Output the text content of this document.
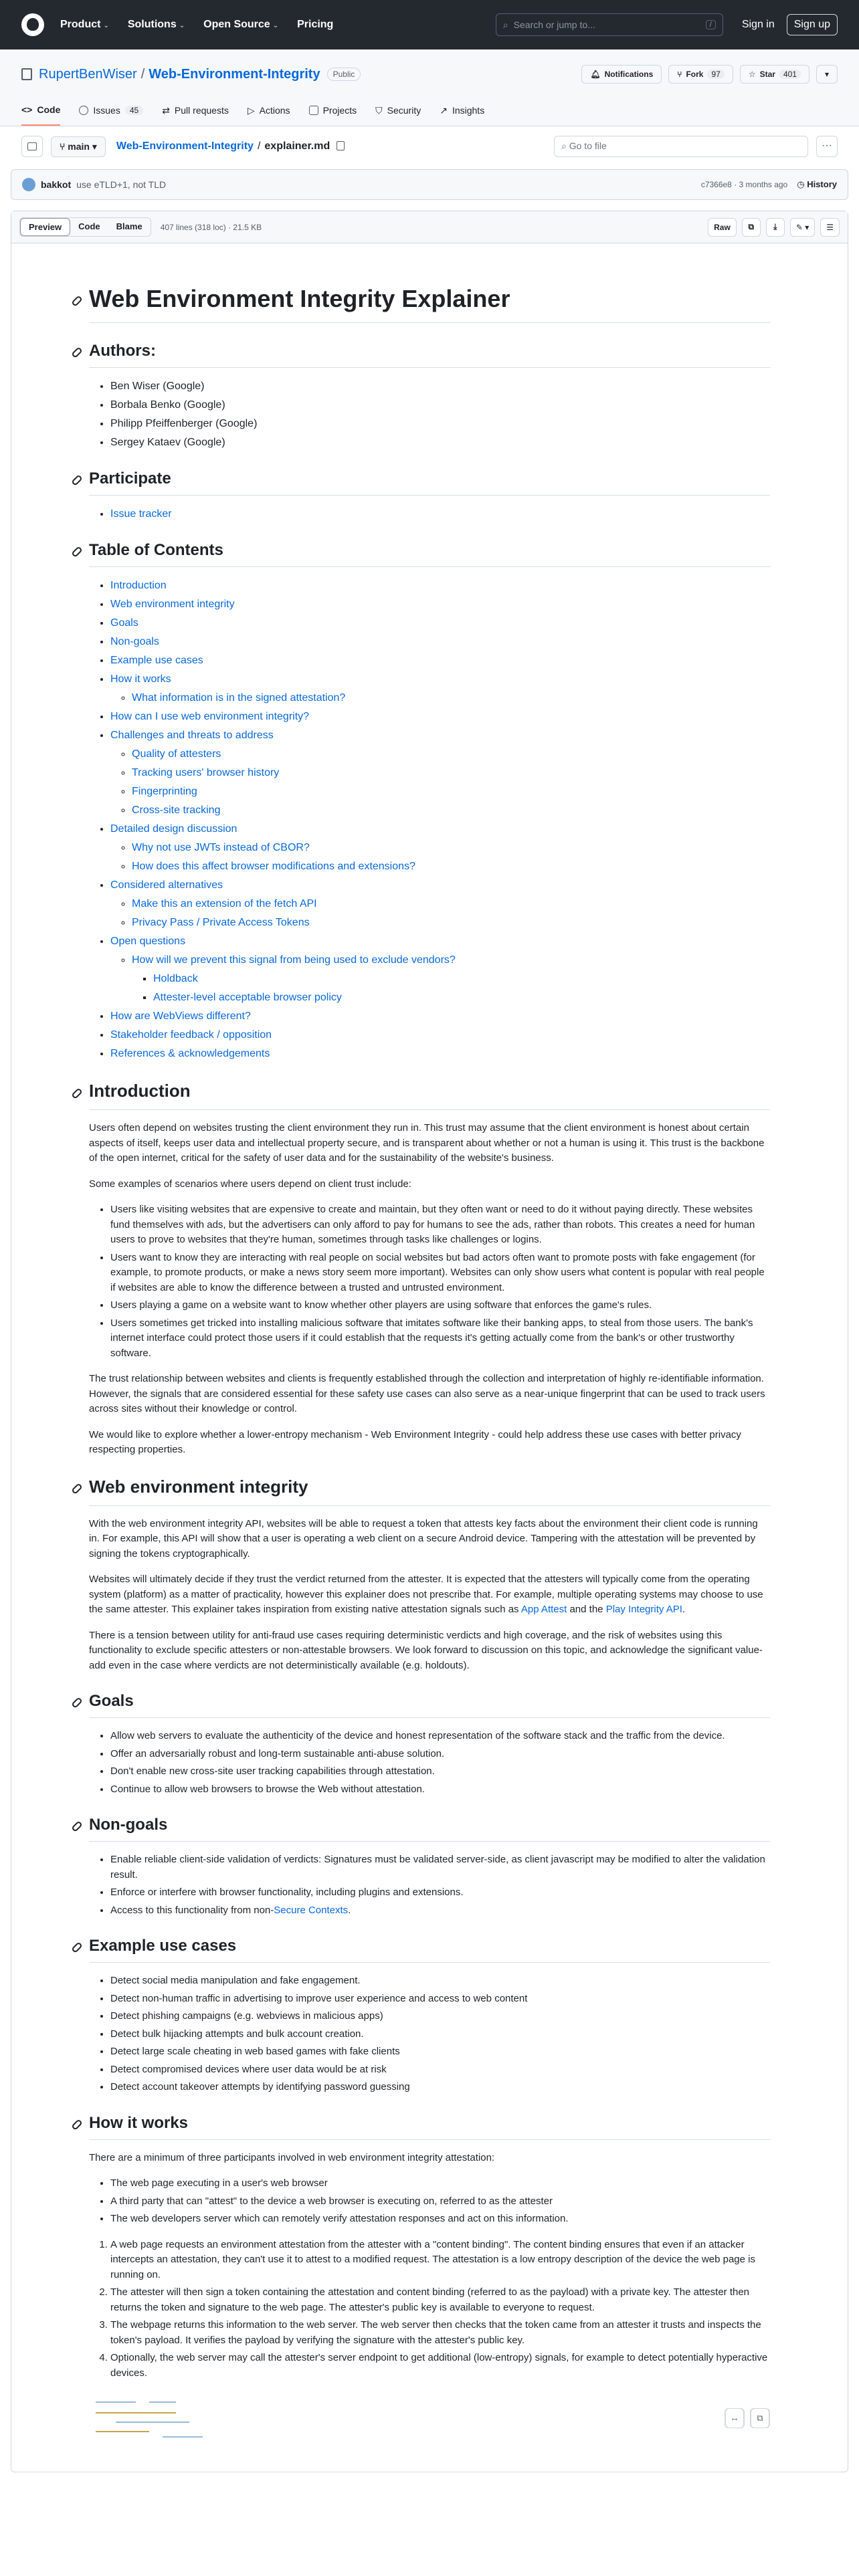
Product ⌄ Solutions ⌄ Open Source ⌄ Pricing	⌕ Search or jump to...	/	Sign in	Sign up
RupertBenWiser / Web-Environment-Integrity	Public	🔔︎ Notifications	⑂ Fork	97	☆ Star	401	▾
<> Code	Issues	45	⇄ Pull requests ▷ Actions	Projects ⛉ Security ↗ Insights
⑂ main ▾	Web-Environment-Integrity / explainer.md	⌕ Go to file	···
bakkot use eTLD+1, not TLD	c7366e8 · 3 months ago ◷ History
Preview	Code	Blame	407 lines (318 loc) · 21.5 KB	Raw	⧉ ⤓ ✎ ▾ ☰
Web Environment Integrity Explainer
Authors:
• Ben Wiser (Google)
• Borbala Benko (Google)
• Philipp Pfeiffenberger (Google)
• Sergey Kataev (Google)
Participate
• Issue tracker
Table of Contents
• Introduction
• Web environment integrity
• Goals
• Non-goals
• Example use cases
• How it works
◦ What information is in the signed attestation?
• How can I use web environment integrity?
• Challenges and threats to address
◦ Quality of attesters
◦ Tracking users' browser history
◦ Fingerprinting
◦ Cross-site tracking
• Detailed design discussion
◦ Why not use JWTs instead of CBOR?
◦ How does this affect browser modifications and extensions?
• Considered alternatives
◦ Make this an extension of the fetch API
◦ Privacy Pass / Private Access Tokens
• Open questions
◦ How will we prevent this signal from being used to exclude vendors?
▪ Holdback
▪ Attester-level acceptable browser policy
• How are WebViews different?
• Stakeholder feedback / opposition
• References & acknowledgements
Introduction

Users often depend on websites trusting the client environment they run in. This trust may assume that the client environment is honest about certain aspects of itself, keeps user data and intellectual property secure, and is transparent about whether or not a human is using it. This trust is the backbone of the open internet, critical for the safety of user data and for the sustainability of the website's business.

Some examples of scenarios where users depend on client trust include:

• Users like visiting websites that are expensive to create and maintain, but they often want or need to do it without paying directly. These websites fund themselves with ads, but the advertisers can only afford to pay for humans to see the ads, rather than robots. This creates a need for human users to prove to websites that they're human, sometimes through tasks like challenges or logins.
• Users want to know they are interacting with real people on social websites but bad actors often want to promote posts with fake engagement (for example, to promote products, or make a news story seem more important). Websites can only show users what content is popular with real people if websites are able to know the difference between a trusted and untrusted environment.
• Users playing a game on a website want to know whether other players are using software that enforces the game's rules.
• Users sometimes get tricked into installing malicious software that imitates software like their banking apps, to steal from those users. The bank's internet interface could protect those users if it could establish that the requests it's getting actually come from the bank's or other trustworthy software.

The trust relationship between websites and clients is frequently established through the collection and interpretation of highly re-identifiable information. However, the signals that are considered essential for these safety use cases can also serve as a near-unique fingerprint that can be used to track users across sites without their knowledge or control.

We would like to explore whether a lower-entropy mechanism - Web Environment Integrity - could help address these use cases with better privacy respecting properties.

Web environment integrity

With the web environment integrity API, websites will be able to request a token that attests key facts about the environment their client code is running in. For example, this API will show that a user is operating a web client on a secure Android device. Tampering with the attestation will be prevented by signing the tokens cryptographically.

Websites will ultimately decide if they trust the verdict returned from the attester. It is expected that the attesters will typically come from the operating system (platform) as a matter of practicality, however this explainer does not prescribe that. For example, multiple operating systems may choose to use the same attester. This explainer takes inspiration from existing native attestation signals such as App Attest and the Play Integrity API.

There is a tension between utility for anti-fraud use cases requiring deterministic verdicts and high coverage, and the risk of websites using this functionality to exclude specific attesters or non-attestable browsers. We look forward to discussion on this topic, and acknowledge the significant value-add even in the case where verdicts are not deterministically available (e.g. holdouts).

Goals
• Allow web servers to evaluate the authenticity of the device and honest representation of the software stack and the traffic from the device.
• Offer an adversarially robust and long-term sustainable anti-abuse solution.
• Don't enable new cross-site user tracking capabilities through attestation.
• Continue to allow web browsers to browse the Web without attestation.
Non-goals
• Enable reliable client-side validation of verdicts: Signatures must be validated server-side, as client javascript may be modified to alter the validation result.
• Enforce or interfere with browser functionality, including plugins and extensions.
• Access to this functionality from non-Secure Contexts.
Example use cases
• Detect social media manipulation and fake engagement.
• Detect non-human traffic in advertising to improve user experience and access to web content
• Detect phishing campaigns (e.g. webviews in malicious apps)
• Detect bulk hijacking attempts and bulk account creation.
• Detect large scale cheating in web based games with fake clients
• Detect compromised devices where user data would be at risk
• Detect account takeover attempts by identifying password guessing
How it works

There are a minimum of three participants involved in web environment integrity attestation:

• The web page executing in a user's web browser
• A third party that can "attest" to the device a web browser is executing on, referred to as the attester
• The web developers server which can remotely verify attestation responses and act on this information.
1. A web page requests an environment attestation from the attester with a "content binding". The content binding ensures that even if an attacker intercepts an attestation, they can't use it to attest to a modified request. The attestation is a low entropy description of the device the web page is running on.
2. The attester will then sign a token containing the attestation and content binding (referred to as the payload) with a private key. The attester then returns the token and signature to the web page. The attester's public key is available to everyone to request.
3. The webpage returns this information to the web server. The web server then checks that the token came from an attester it trusts and inspects the token's payload. It verifies the payload by verifying the signature with the attester's public key.
4. Optionally, the web server may call the attester's server endpoint to get additional (low-entropy) signals, for example to detect potentially hyperactive devices.
↔	⧉
